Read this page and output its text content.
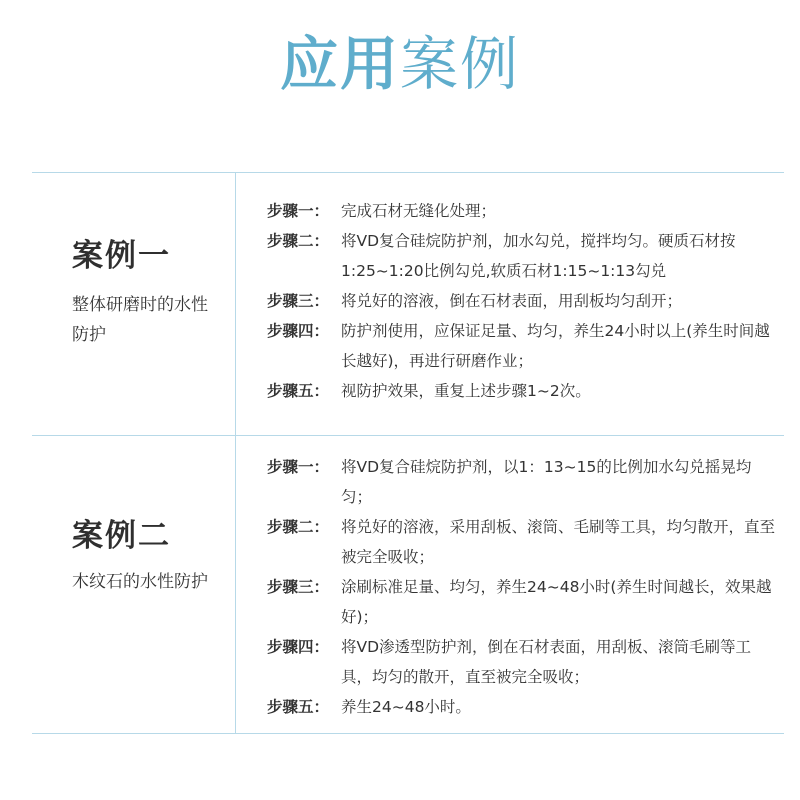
应用案例
案例一
整体研磨时的水性防护
步骤一： 完成石材无缝化处理；
步骤二： 将VD复合硅烷防护剂，加水勾兑，搅拌均匀。硬质石材按1:25~1:20比例勾兑,软质石材1:15~1:13勾兑
步骤三： 将兑好的溶液，倒在石材表面，用刮板均匀刮开；
步骤四： 防护剂使用，应保证足量、均匀，养生24小时以上(养生时间越长越好)，再进行研磨作业；
步骤五： 视防护效果，重复上述步骤1~2次。
案例二
木纹石的水性防护
步骤一： 将VD复合硅烷防护剂，以1：13~15的比例加水勾兑摇晃均匀；
步骤二： 将兑好的溶液，采用刮板、滚筒、毛刷等工具，均匀散开，直至被完全吸收；
步骤三： 涂刷标准足量、均匀，养生24~48小时(养生时间越长，效果越好)；
步骤四： 将VD渗透型防护剂，倒在石材表面，用刮板、滚筒毛刷等工具，均匀的散开，直至被完全吸收；
步骤五： 养生24~48小时。
